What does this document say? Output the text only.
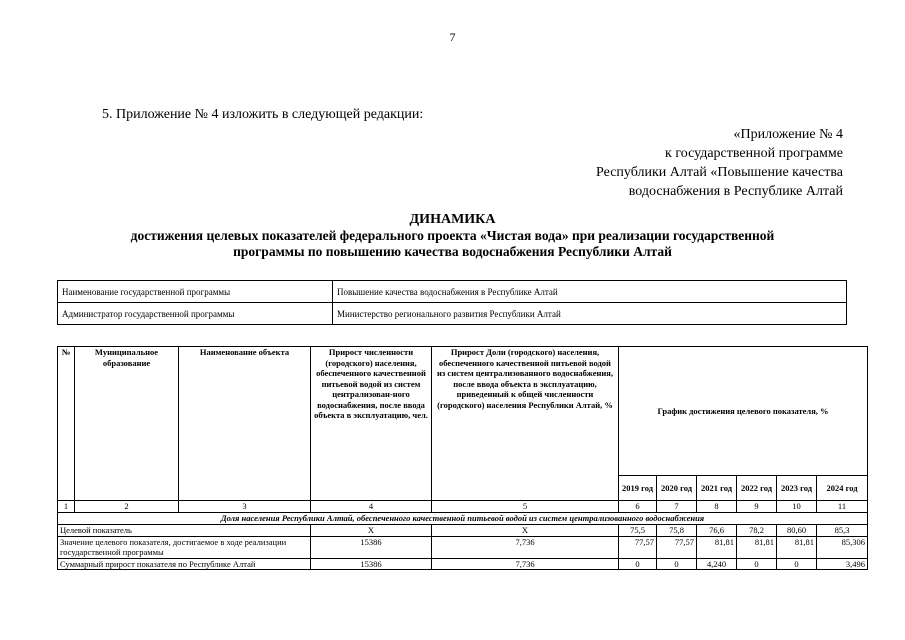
7
5. Приложение № 4 изложить в следующей редакции:
«Приложение № 4
к государственной программе
Республики Алтай «Повышение качества
водоснабжения в Республике Алтай
ДИНАМИКА
достижения целевых показателей федерального проекта «Чистая вода» при реализации государственной
программы по повышению качества водоснабжения Республики Алтай
Наименование государственной программы	Повышение качества водоснабжения в Республике Алтай
Администратор государственной программы	Министерство регионального развития Республики Алтай
№	Муниципальное образование	Наименование объекта	Прирост численности (городского) населения, обеспеченного качественной питьевой водой из систем централизован-ного водоснабжения, после ввода объекта в эксплуатацию, чел.	Прирост Доли (городского) населения, обеспеченного качественной питьевой водой из систем централизованного водоснабжения, после ввода объекта в эксплуатацию, приведенный к общей численности (городского) населения Республики Алтай, %	График достижения целевого показателя, %					
					2019 год	2020 год	2021 год	2022 год	2023 год	2024 год
1	2	3	4	5	6	7	8	9	10	11
Доля населения Республики Алтай, обеспеченного качественной питьевой водой из систем централизованного водоснабжения										
Целевой показатель			X	X	75,5	75,8	76,6	78,2	80,60	85,3
Значение целевого показателя, достигаемое в ходе реализации государственной программы			15386	7,736	77,57	77,57	81,81	81,81	81,81	85,306
Суммарный прирост показателя по Республике Алтай			15386	7,736	0	0	4,240	0	0	3,496
